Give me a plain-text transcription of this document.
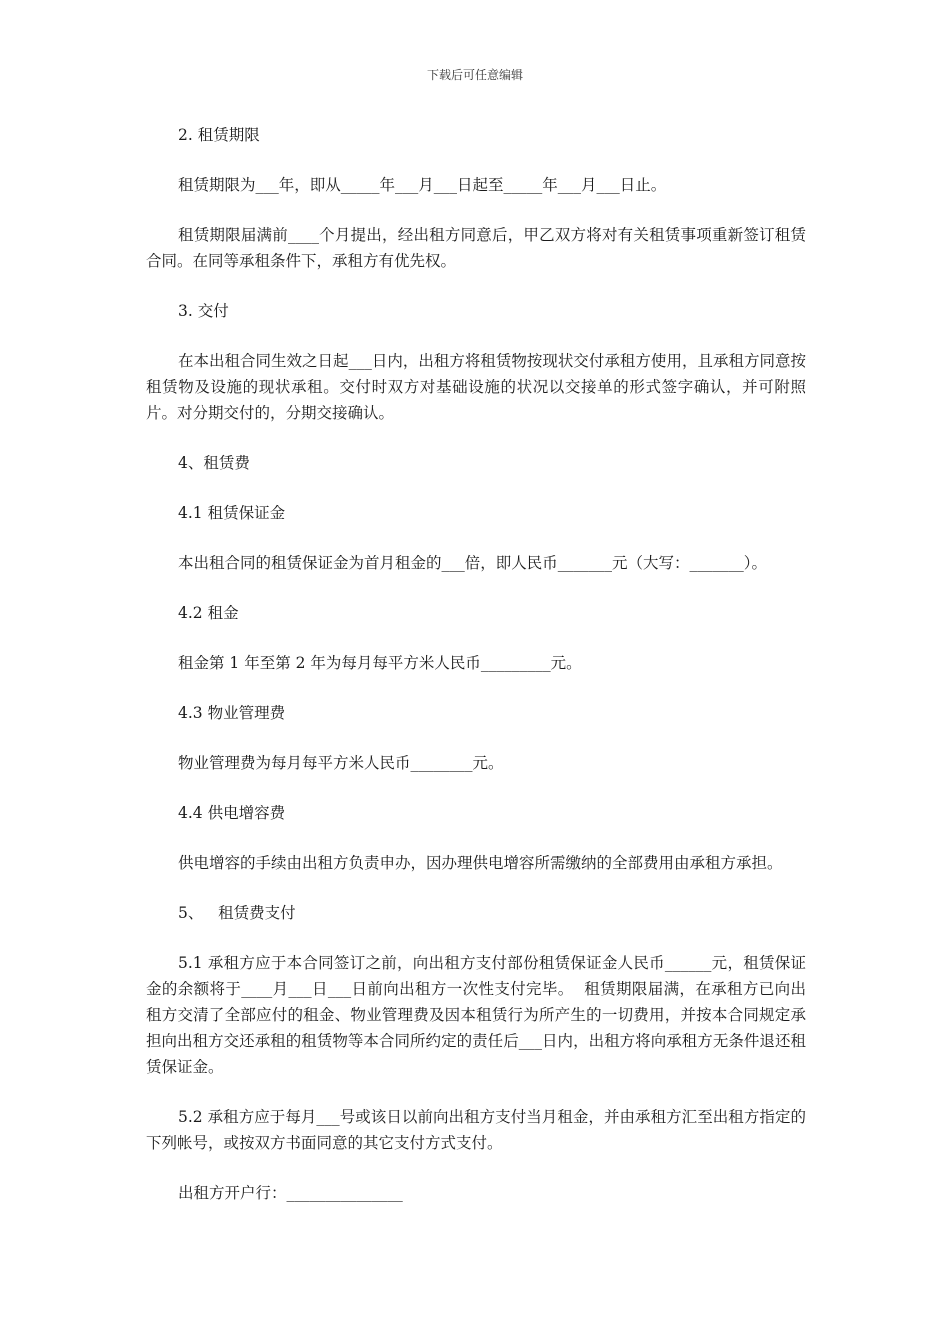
下载后可任意编辑

2. 租赁期限

租赁期限为___年，即从_____年___月___日起至_____年___月___日止。

租赁期限届满前____个月提出，经出租方同意后，甲乙双方将对有关租赁事项重新签订租赁合同。在同等承租条件下，承租方有优先权。

3. 交付

在本出租合同生效之日起___日内，出租方将租赁物按现状交付承租方使用，且承租方同意按租赁物及设施的现状承租。交付时双方对基础设施的状况以交接单的形式签字确认，并可附照片。对分期交付的，分期交接确认。

4、租赁费

4.1 租赁保证金

本出租合同的租赁保证金为首月租金的___倍，即人民币_______元（大写：_______）。

4.2 租金

租金第 1 年至第 2 年为每月每平方米人民币_________元。

4.3 物业管理费

物业管理费为每月每平方米人民币________元。

4.4 供电增容费

供电增容的手续由出租方负责申办，因办理供电增容所需缴纳的全部费用由承租方承担。

5、   租赁费支付

5.1 承租方应于本合同签订之前，向出租方支付部份租赁保证金人民币______元，租赁保证金的余额将于____月___日___日前向出租方一次性支付完毕。  租赁期限届满，在承租方已向出租方交清了全部应付的租金、物业管理费及因本租赁行为所产生的一切费用，并按本合同规定承担向出租方交还承租的租赁物等本合同所约定的责任后___日内，出租方将向承租方无条件退还租赁保证金。

5.2 承租方应于每月___号或该日以前向出租方支付当月租金，并由承租方汇至出租方指定的下列帐号，或按双方书面同意的其它支付方式支付。

出租方开户行：_______________
